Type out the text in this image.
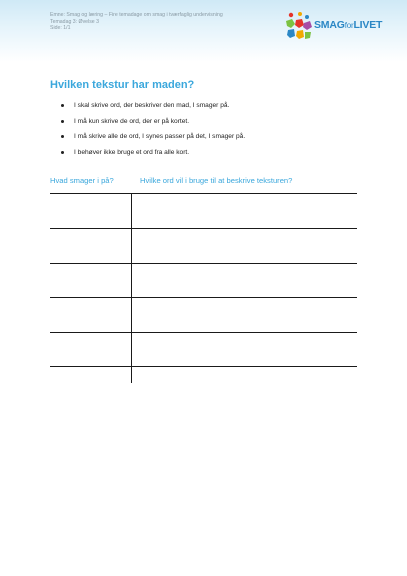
Emne: Smag og læring – Fire temadage om smag i tværfaglig undervisning
Temadag 3: Øvelse 3
Side: 1/1	SMAGforLIVET
Hvilken tekstur har maden?
I skal skrive ord, der beskriver den mad, I smager på.
I må kun skrive de ord, der er på kortet.
I må skrive alle de ord, I synes passer på det, I smager på.
I behøver ikke bruge et ord fra alle kort.
Hvad smager i på?	Hvilke ord vil i bruge til at beskrive teksturen?
